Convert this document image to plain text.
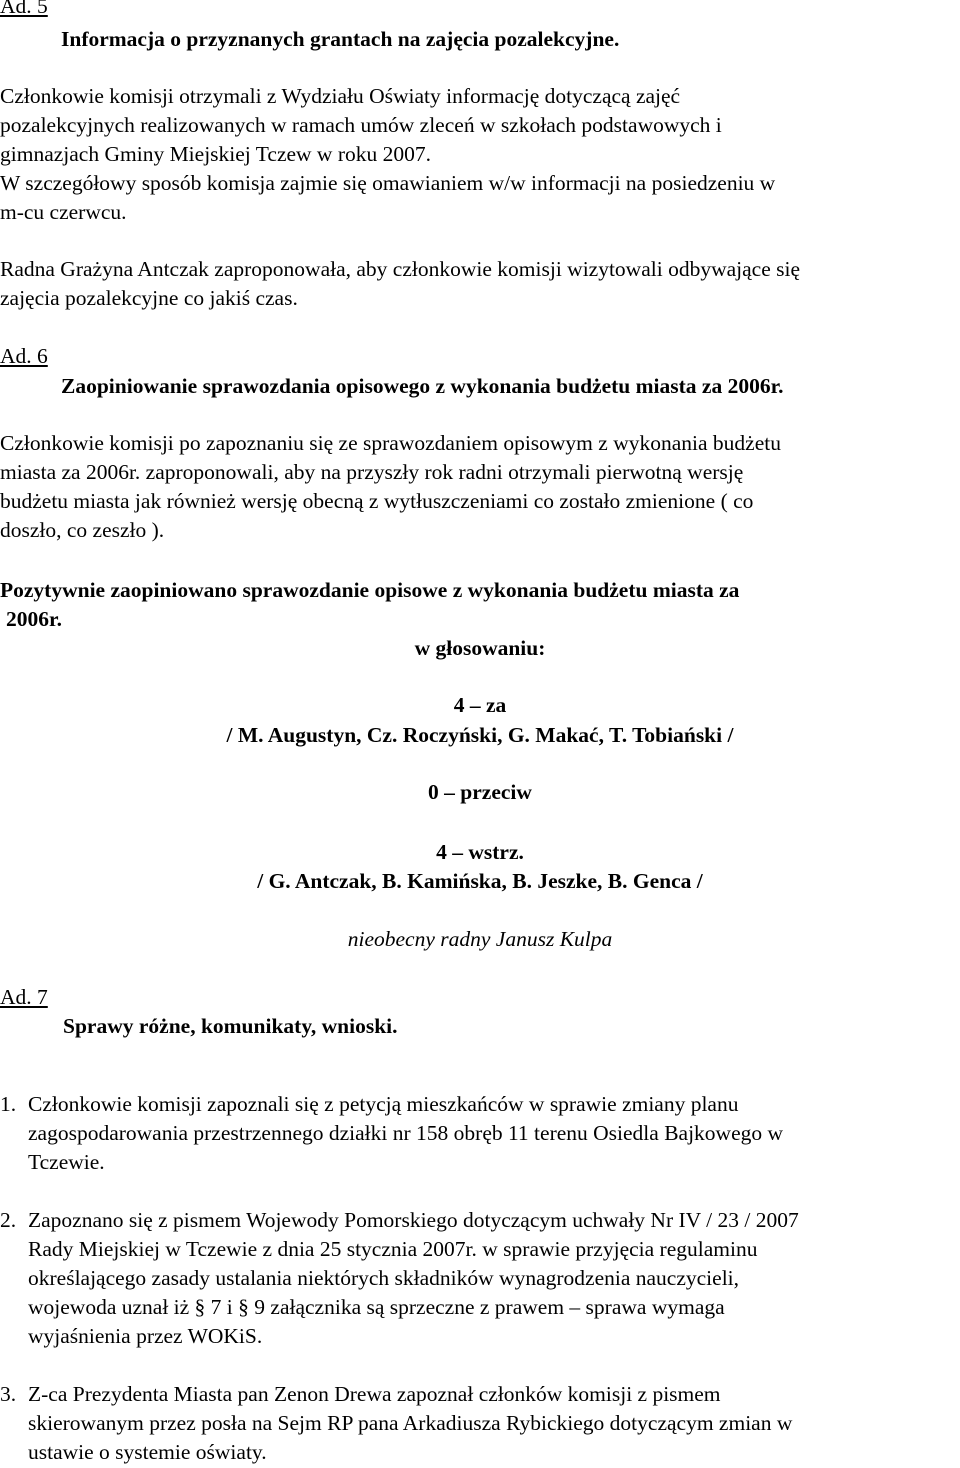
Ad. 5
Informacja o przyznanych grantach na zajęcia pozalekcyjne.
Członkowie komisji otrzymali z Wydziału Oświaty informację dotyczącą zajęć
pozalekcyjnych realizowanych w ramach umów zleceń w szkołach podstawowych i
gimnazjach Gminy Miejskiej Tczew w roku 2007.
W szczegółowy sposób komisja zajmie się omawianiem w/w informacji na posiedzeniu w
m-cu czerwcu.
Radna Grażyna Antczak zaproponowała, aby członkowie komisji wizytowali odbywające się
zajęcia pozalekcyjne co jakiś czas.
Ad. 6
Zaopiniowanie sprawozdania opisowego z wykonania budżetu miasta za 2006r.
Członkowie komisji po zapoznaniu się ze sprawozdaniem opisowym z wykonania budżetu
miasta za 2006r. zaproponowali, aby na przyszły rok radni otrzymali pierwotną wersję
budżetu miasta jak również wersję obecną z wytłuszczeniami co zostało zmienione ( co
doszło, co zeszło ).
Pozytywnie zaopiniowano sprawozdanie opisowe z wykonania budżetu miasta za
2006r.
w głosowaniu:
4 – za
/ M. Augustyn, Cz. Roczyński, G. Makać, T. Tobiański /
0 – przeciw
4 – wstrz.
/ G. Antczak, B. Kamińska, B. Jeszke, B. Genca /
nieobecny radny Janusz Kulpa
Ad. 7
Sprawy różne, komunikaty, wnioski.
1. Członkowie komisji zapoznali się z petycją mieszkańców w sprawie zmiany planu
zagospodarowania przestrzennego działki nr 158 obręb 11 terenu Osiedla Bajkowego w
Tczewie.
2. Zapoznano się z pismem Wojewody Pomorskiego dotyczącym uchwały Nr IV / 23 / 2007
Rady Miejskiej w Tczewie z dnia 25 stycznia 2007r. w sprawie przyjęcia regulaminu
określającego zasady ustalania niektórych składników wynagrodzenia nauczycieli,
wojewoda uznał iż § 7 i § 9 załącznika są sprzeczne z prawem – sprawa wymaga
wyjaśnienia przez WOKiS.
3. Z-ca Prezydenta Miasta pan Zenon Drewa zapoznał członków komisji z pismem
skierowanym przez posła na Sejm RP pana Arkadiusza Rybickiego dotyczącym zmian w
ustawie o systemie oświaty.
